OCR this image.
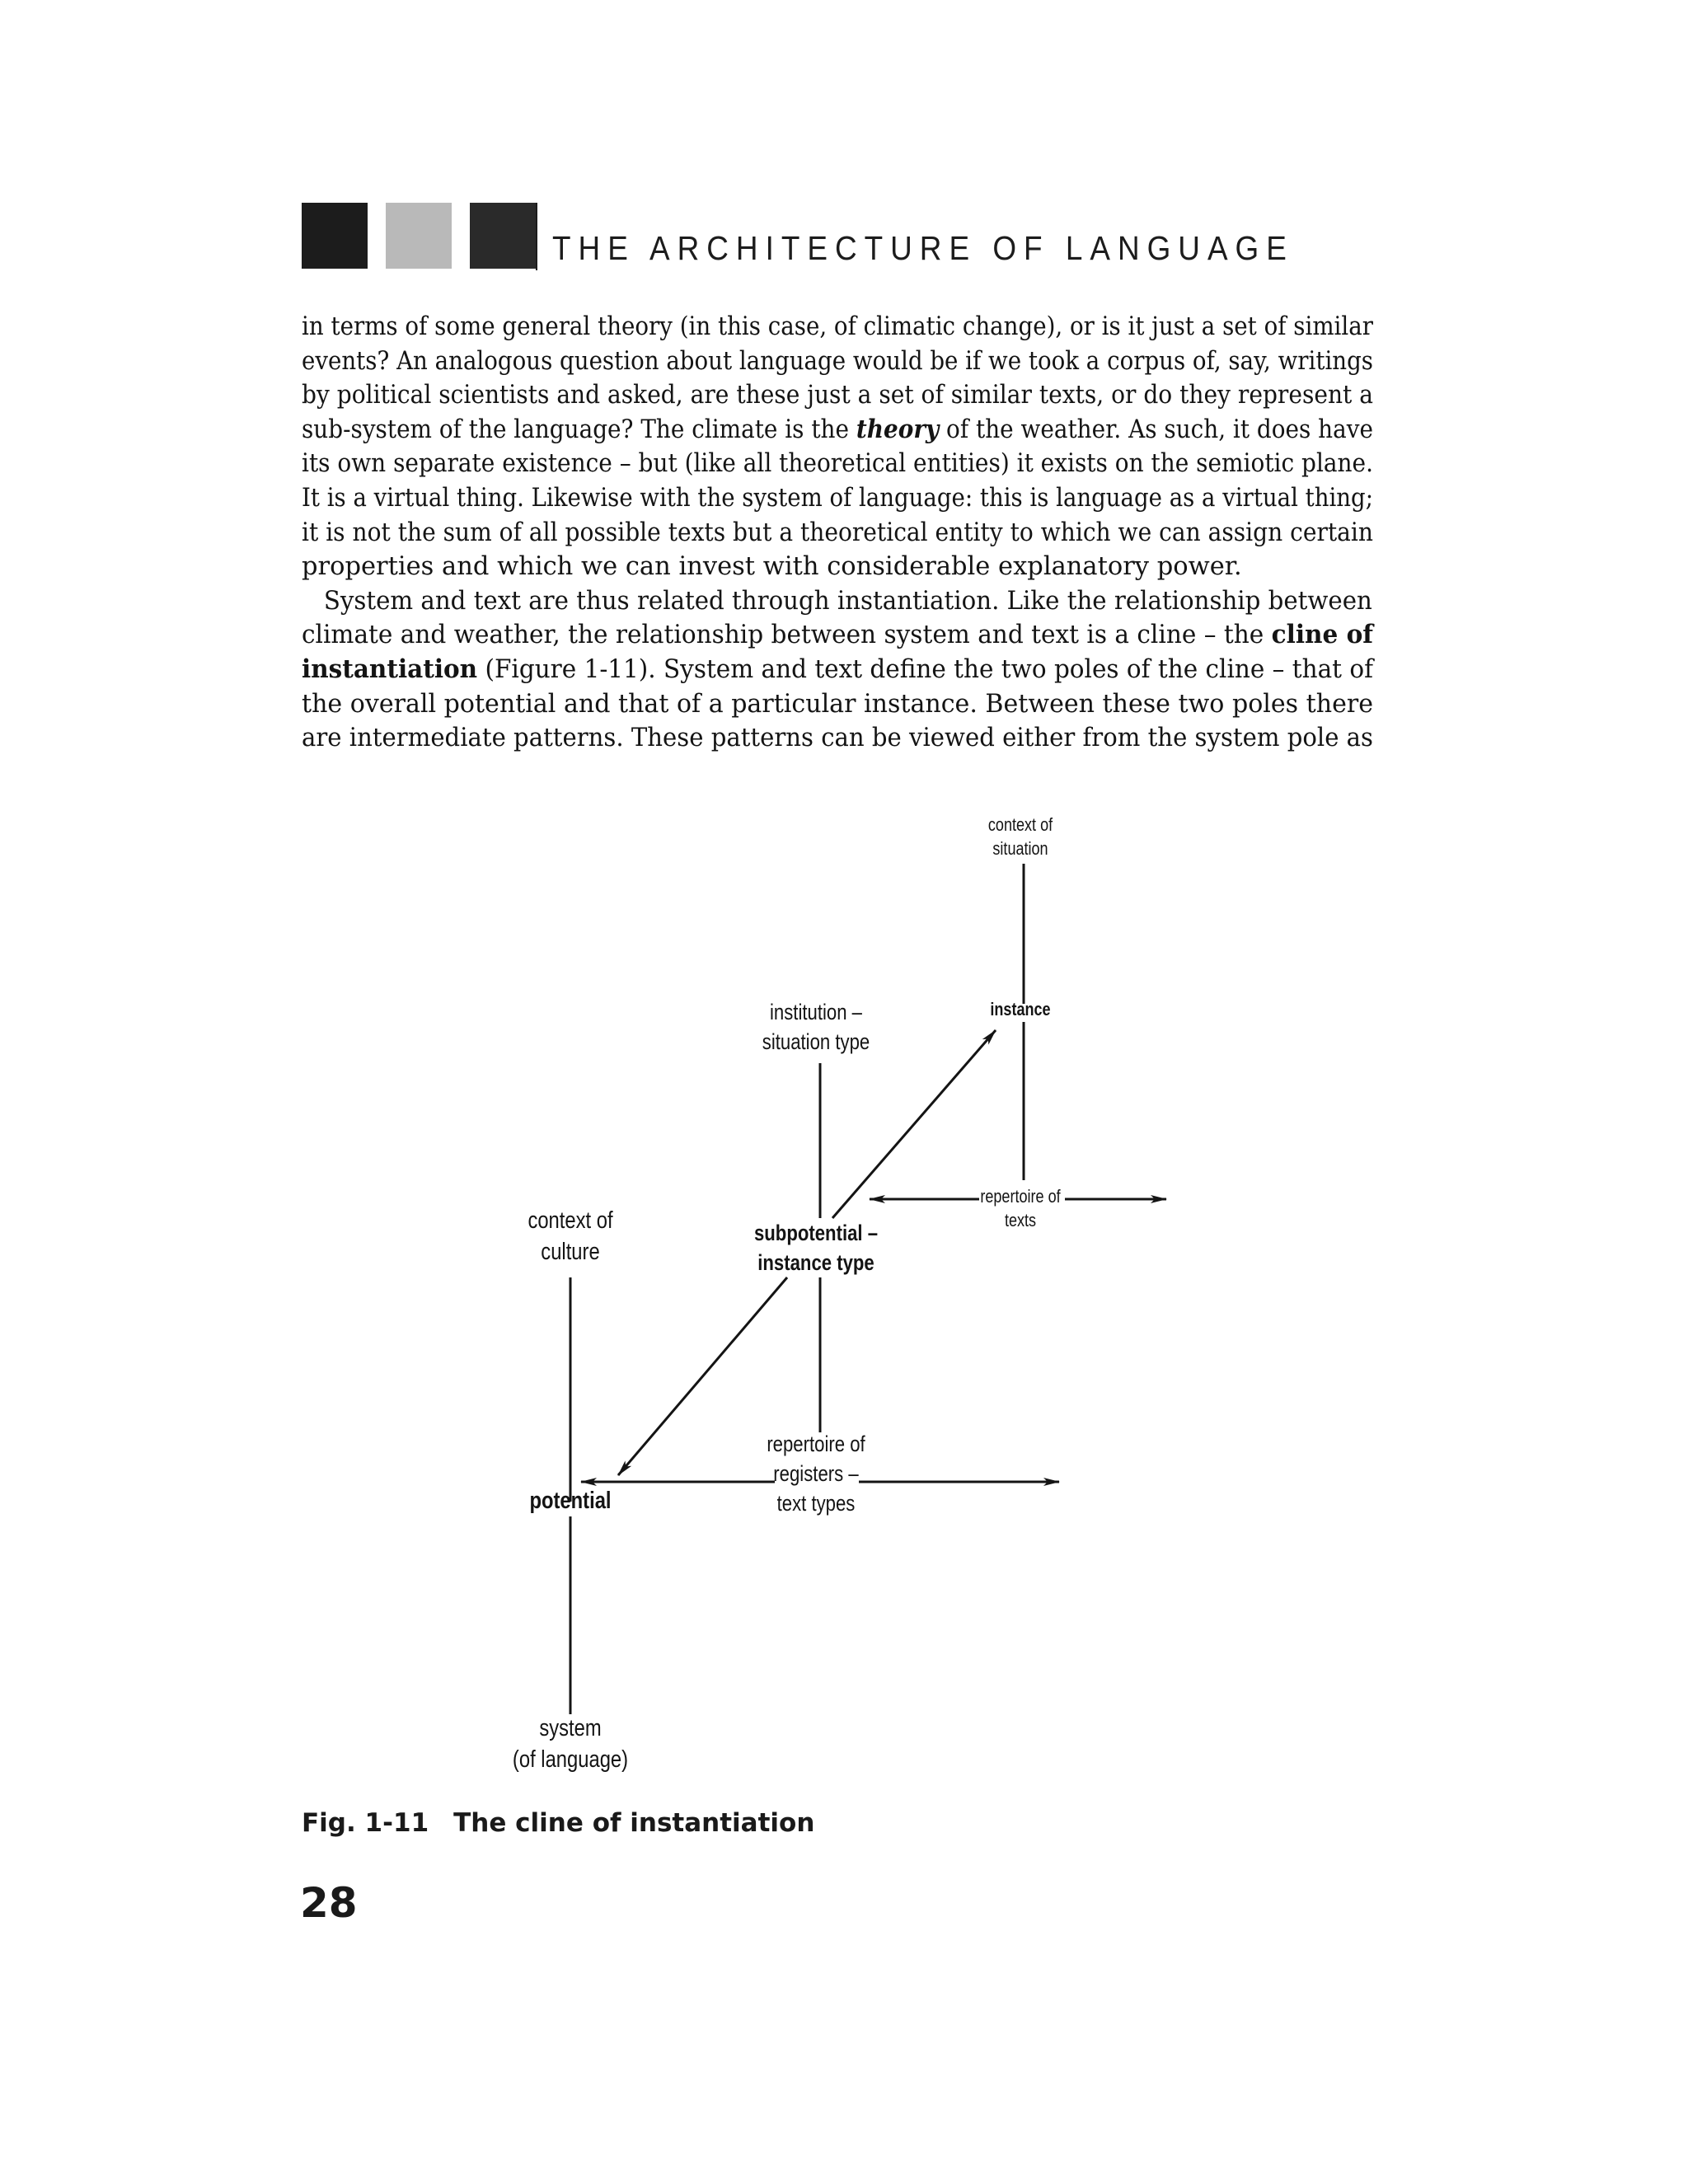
THE ARCHITECTURE OF LANGUAGE
in terms of some general theory (in this case, of climatic change), or is it just a set of similar
events? An analogous question about language would be if we took a corpus of, say, writings
by political scientists and asked, are these just a set of similar texts, or do they represent a
sub-system of the language? The climate is the theory of the weather. As such, it does have
its own separate existence – but (like all theoretical entities) it exists on the semiotic plane.
It is a virtual thing. Likewise with the system of language: this is language as a virtual thing;
it is not the sum of all possible texts but a theoretical entity to which we can assign certain
properties and which we can invest with considerable explanatory power.
System and text are thus related through instantiation. Like the relationship between
climate and weather, the relationship between system and text is a cline – the cline of
instantiation (Figure 1-11). System and text define the two poles of the cline – that of
the overall potential and that of a particular instance. Between these two poles there
are intermediate patterns. These patterns can be viewed either from the system pole as
context of
situation
instance
institution –
situation type
repertoire of
texts
context of
culture
subpotential –
instance type
repertoire of
registers –
text types
potential
system
(of language)
Fig. 1-11 The cline of instantiation
28
